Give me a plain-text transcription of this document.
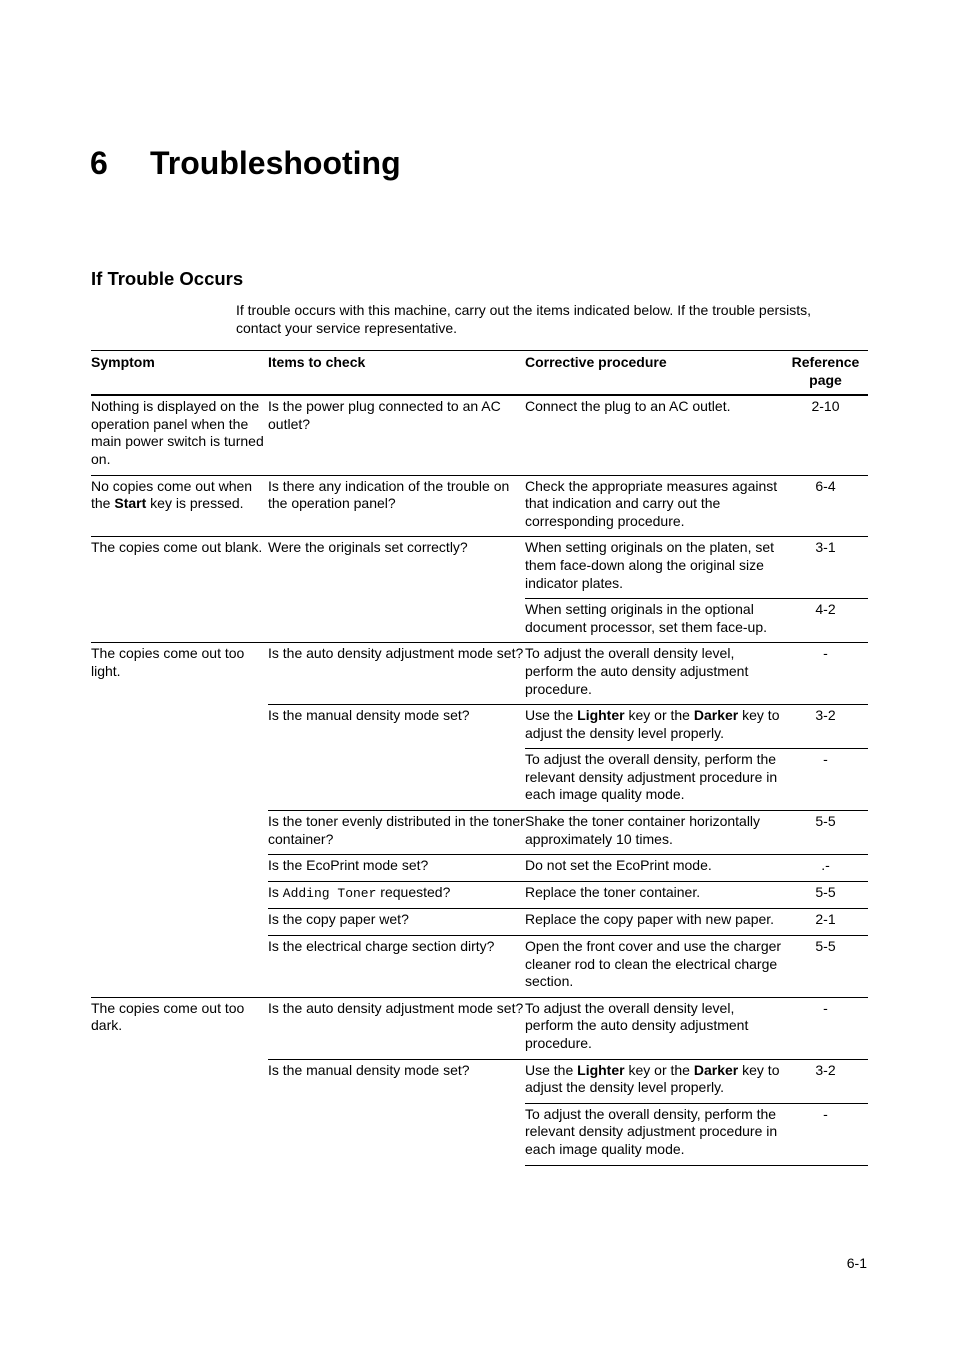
6 Troubleshooting
If Trouble Occurs

If trouble occurs with this machine, carry out the items indicated below. If the trouble persists, contact your service representative.

Symptom	Items to check	Corrective procedure	Reference page
Nothing is displayed on the operation panel when the main power switch is turned on.	Is the power plug connected to an AC outlet?	Connect the plug to an AC outlet.	2-10
No copies come out when the Start key is pressed.	Is there any indication of the trouble on the operation panel?	Check the appropriate measures against that indication and carry out the corresponding procedure.	6-4
The copies come out blank.	Were the originals set correctly?	When setting originals on the platen, set them face-down along the original size indicator plates.	3-1
		When setting originals in the optional document processor, set them face-up.	4-2
The copies come out too light.	Is the auto density adjustment mode set?	To adjust the overall density level, perform the auto density adjustment procedure.	-
	Is the manual density mode set?	Use the Lighter key or the Darker key to adjust the density level properly.	3-2
		To adjust the overall density, perform the relevant density adjustment procedure in each image quality mode.	-
	Is the toner evenly distributed in the toner container?	Shake the toner container horizontally approximately 10 times.	5-5
	Is the EcoPrint mode set?	Do not set the EcoPrint mode.	.-
	Is Adding Toner requested?	Replace the toner container.	5-5
	Is the copy paper wet?	Replace the copy paper with new paper.	2-1
	Is the electrical charge section dirty?	Open the front cover and use the charger cleaner rod to clean the electrical charge section.	5-5
The copies come out too dark.	Is the auto density adjustment mode set?	To adjust the overall density level, perform the auto density adjustment procedure.	-
	Is the manual density mode set?	Use the Lighter key or the Darker key to adjust the density level properly.	3-2
		To adjust the overall density, perform the relevant density adjustment procedure in each image quality mode.	-
6-1
